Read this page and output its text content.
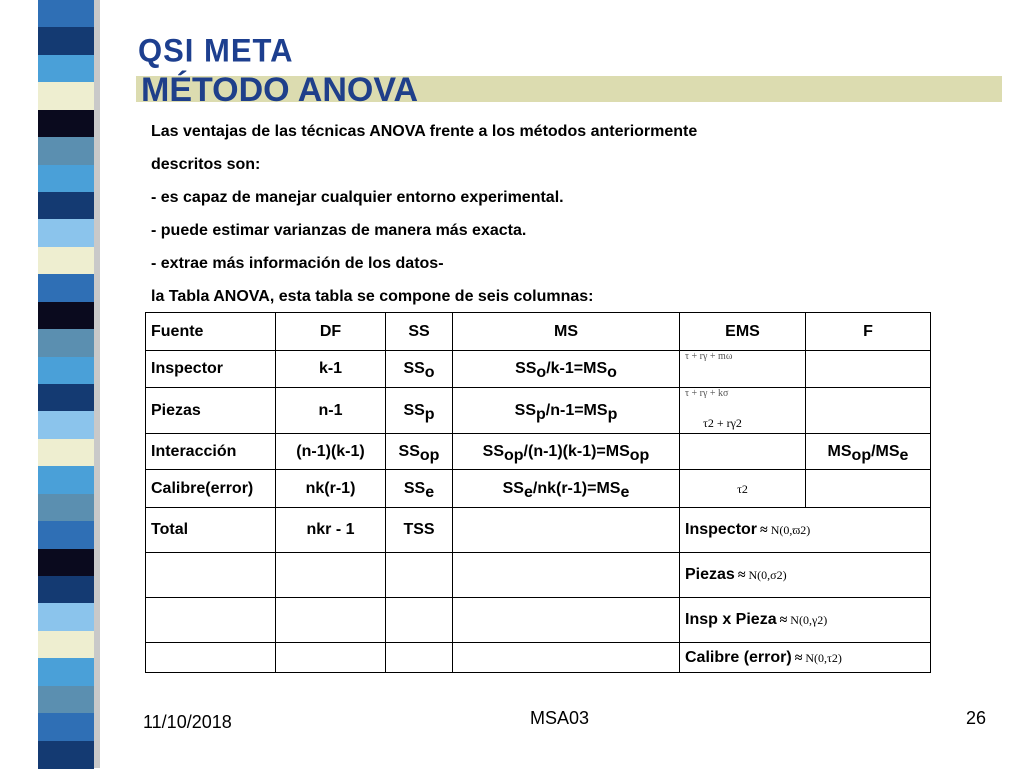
QSI META
MÉTODO ANOVA
Las ventajas de las técnicas ANOVA frente a los métodos anteriormente
descritos son:
- es capaz de manejar cualquier entorno experimental.
- puede estimar varianzas de manera más exacta.
- extrae más información de los datos-
la Tabla ANOVA, esta tabla se compone de seis columnas:
Fuente	DF	SS	MS	EMS	F
Inspector	k-1	SSo	SSo/k-1=MSo	τ + rγ + mω	

Piezas	n-1	SSp	SSp/n-1=MSp	τ + rγ + kσ
τ2 + rγ2	

Interacción	(n-1)(k-1)	SSop	SSop/(n-1)(k-1)=MSop		MSop/MSe
Calibre(error)	nk(r-1)	SSe	SSe/nk(r-1)=MSe	τ2	
Total	nkr - 1	TSS		Inspector ≈ N(0,ϖ2)	
				Piezas ≈ N(0,σ2)	
				Insp x Pieza ≈ N(0,γ2)	
				Calibre (error) ≈ N(0,τ2)	
11/10/2018	MSA03	26
